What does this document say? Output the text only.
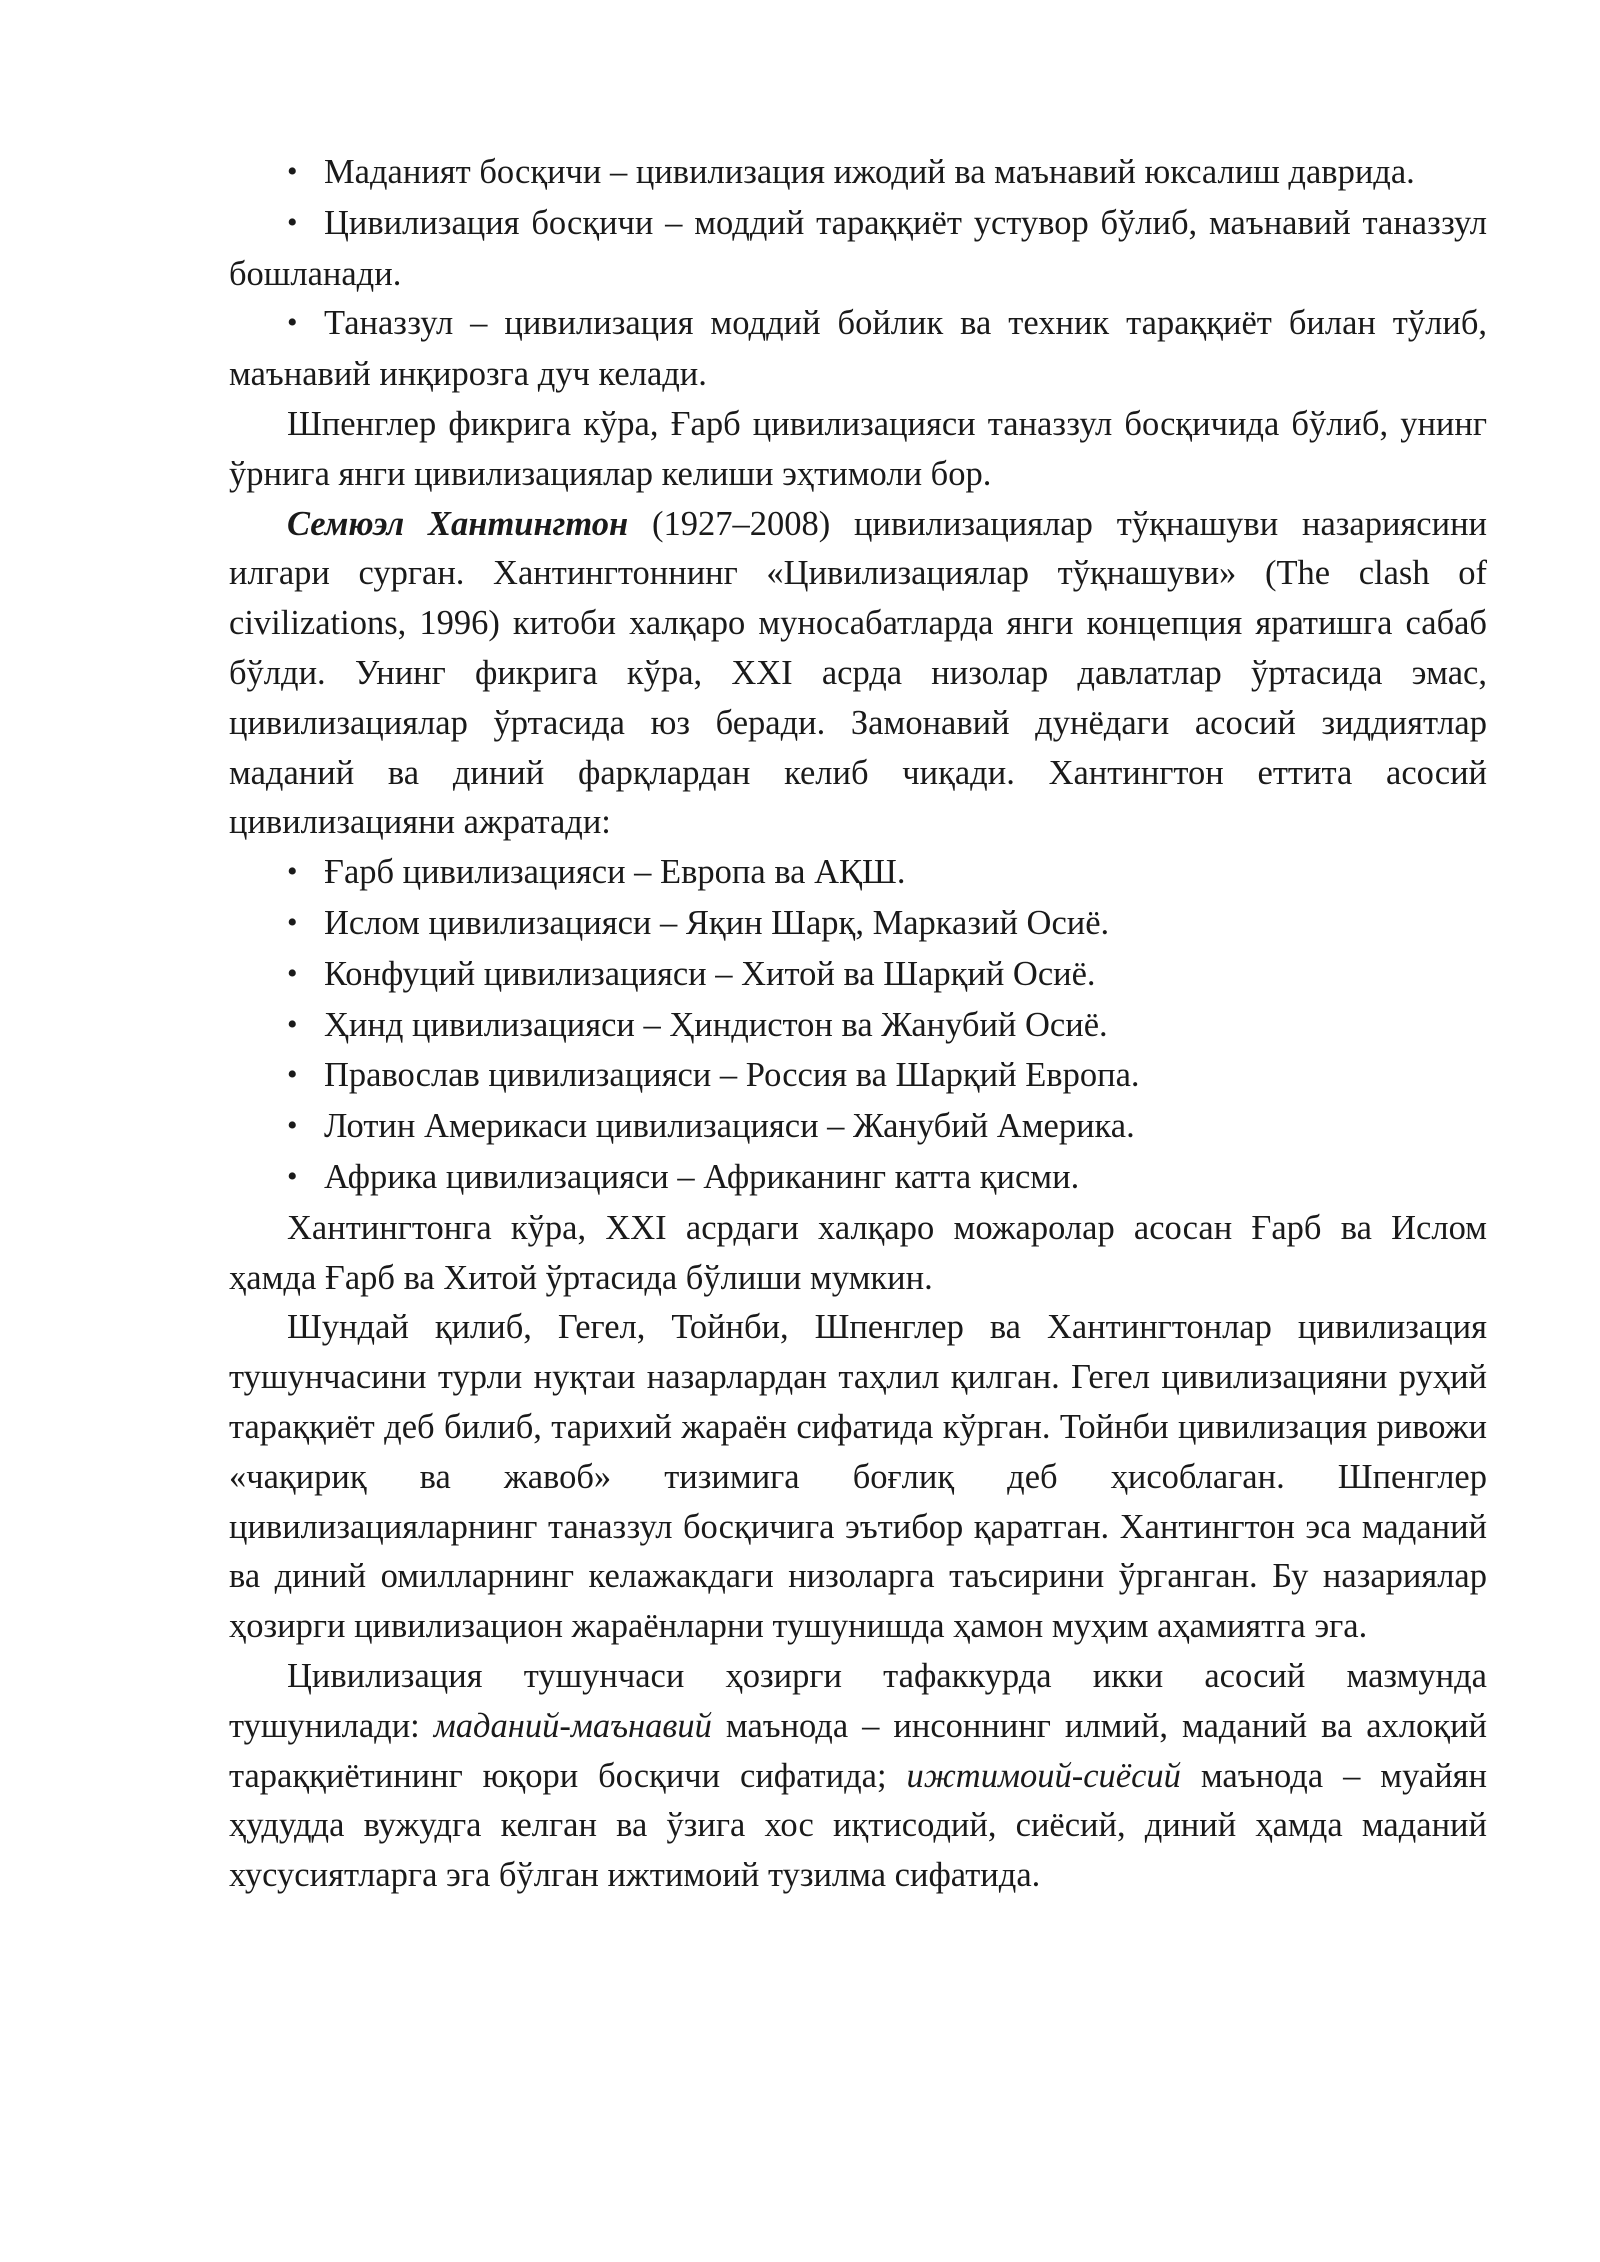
• Маданият босқичи – цивилизация ижодий ва маънавий юксалиш даврида.

• Цивилизация босқичи – моддий тараққиёт устувор бўлиб, маънавий таназзул бошланади.

• Таназзул – цивилизация моддий бойлик ва техник тараққиёт билан тўлиб, маънавий инқирозга дуч келади.

Шпенглер фикрига кўра, Ғарб цивилизацияси таназзул босқичида бўлиб, унинг ўрнига янги цивилизациялар келиши эҳтимоли бор.

Семюэл Хантингтон (1927–2008) цивилизациялар тўқнашуви назариясини илгари сурган. Хантингтоннинг «Цивилизациялар тўқнашуви» (The clash of civilizations, 1996) китоби халқаро муносабатларда янги концепция яратишга сабаб бўлди. Унинг фикрига кўра, XXI асрда низолар давлатлар ўртасида эмас, цивилизациялар ўртасида юз беради. Замонавий дунёдаги асосий зиддиятлар маданий ва диний фарқлардан келиб чиқади. Хантингтон еттита асосий цивилизацияни ажратади:

• Ғарб цивилизацияси – Европа ва АҚШ.
• Ислом цивилизацияси – Яқин Шарқ, Марказий Осиё.
• Конфуций цивилизацияси – Хитой ва Шарқий Осиё.
• Ҳинд цивилизацияси – Ҳиндистон ва Жанубий Осиё.
• Православ цивилизацияси – Россия ва Шарқий Европа.
• Лотин Америкаси цивилизацияси – Жанубий Америка.
• Африка цивилизацияси – Африканинг катта қисми.

Хантингтонга кўра, XXI асрдаги халқаро можаролар асосан Ғарб ва Ислом ҳамда Ғарб ва Хитой ўртасида бўлиши мумкин.

Шундай қилиб, Гегел, Тойнби, Шпенглер ва Хантингтонлар цивилизация тушунчасини турли нуқтаи назарлардан таҳлил қилган. Гегел цивилизацияни руҳий тараққиёт деб билиб, тарихий жараён сифатида кўрган. Тойнби цивилизация ривожи «чақириқ ва жавоб» тизимига боғлиқ деб ҳисоблаган. Шпенглер цивилизацияларнинг таназзул босқичига эътибор қаратган. Хантингтон эса маданий ва диний омилларнинг келажакдаги низоларга таъсирини ўрганган. Бу назариялар ҳозирги цивилизацион жараёнларни тушунишда ҳамон муҳим аҳамиятга эга.

Цивилизация тушунчаси ҳозирги тафаккурда икки асосий мазмунда тушунилади: маданий-маънавий маънода – инсоннинг илмий, маданий ва ахлоқий тараққиётининг юқори босқичи сифатида; ижтимоий-сиёсий маънода – муайян ҳудудда вужудга келган ва ўзига хос иқтисодий, сиёсий, диний ҳамда маданий хусусиятларга эга бўлган ижтимоий тузилма сифатида.
